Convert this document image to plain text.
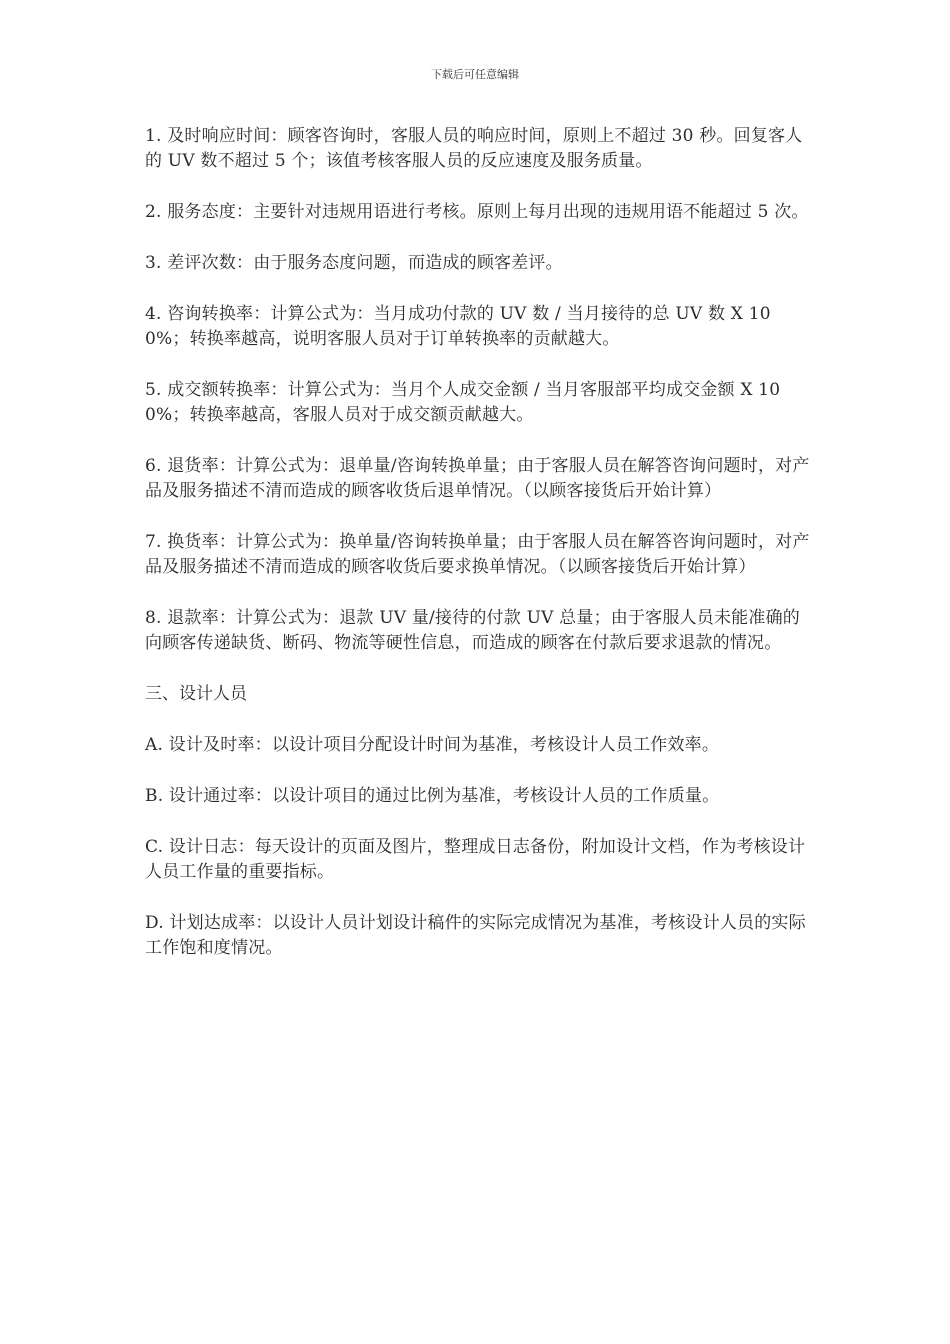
下载后可任意编辑

1. 及时响应时间：顾客咨询时，客服人员的响应时间，原则上不超过 30 秒。回复客人的 UV 数不超过 5 个；该值考核客服人员的反应速度及服务质量。

2. 服务态度：主要针对违规用语进行考核。原则上每月出现的违规用语不能超过 5 次。

3. 差评次数：由于服务态度问题，而造成的顾客差评。

4. 咨询转换率：计算公式为：当月成功付款的 UV 数 / 当月接待的总 UV 数 X 100%；转换率越高，说明客服人员对于订单转换率的贡献越大。

5. 成交额转换率：计算公式为：当月个人成交金额 / 当月客服部平均成交金额 X 100%；转换率越高，客服人员对于成交额贡献越大。

6. 退货率：计算公式为：退单量/咨询转换单量；由于客服人员在解答咨询问题时，对产品及服务描述不清而造成的顾客收货后退单情况。（以顾客接货后开始计算）

7. 换货率：计算公式为：换单量/咨询转换单量；由于客服人员在解答咨询问题时，对产品及服务描述不清而造成的顾客收货后要求换单情况。（以顾客接货后开始计算）

8. 退款率：计算公式为：退款 UV 量/接待的付款 UV 总量；由于客服人员未能准确的向顾客传递缺货、断码、物流等硬性信息，而造成的顾客在付款后要求退款的情况。

三、设计人员

A. 设计及时率：以设计项目分配设计时间为基准，考核设计人员工作效率。

B. 设计通过率：以设计项目的通过比例为基准，考核设计人员的工作质量。

C. 设计日志：每天设计的页面及图片，整理成日志备份，附加设计文档，作为考核设计人员工作量的重要指标。

D. 计划达成率：以设计人员计划设计稿件的实际完成情况为基准，考核设计人员的实际工作饱和度情况。
